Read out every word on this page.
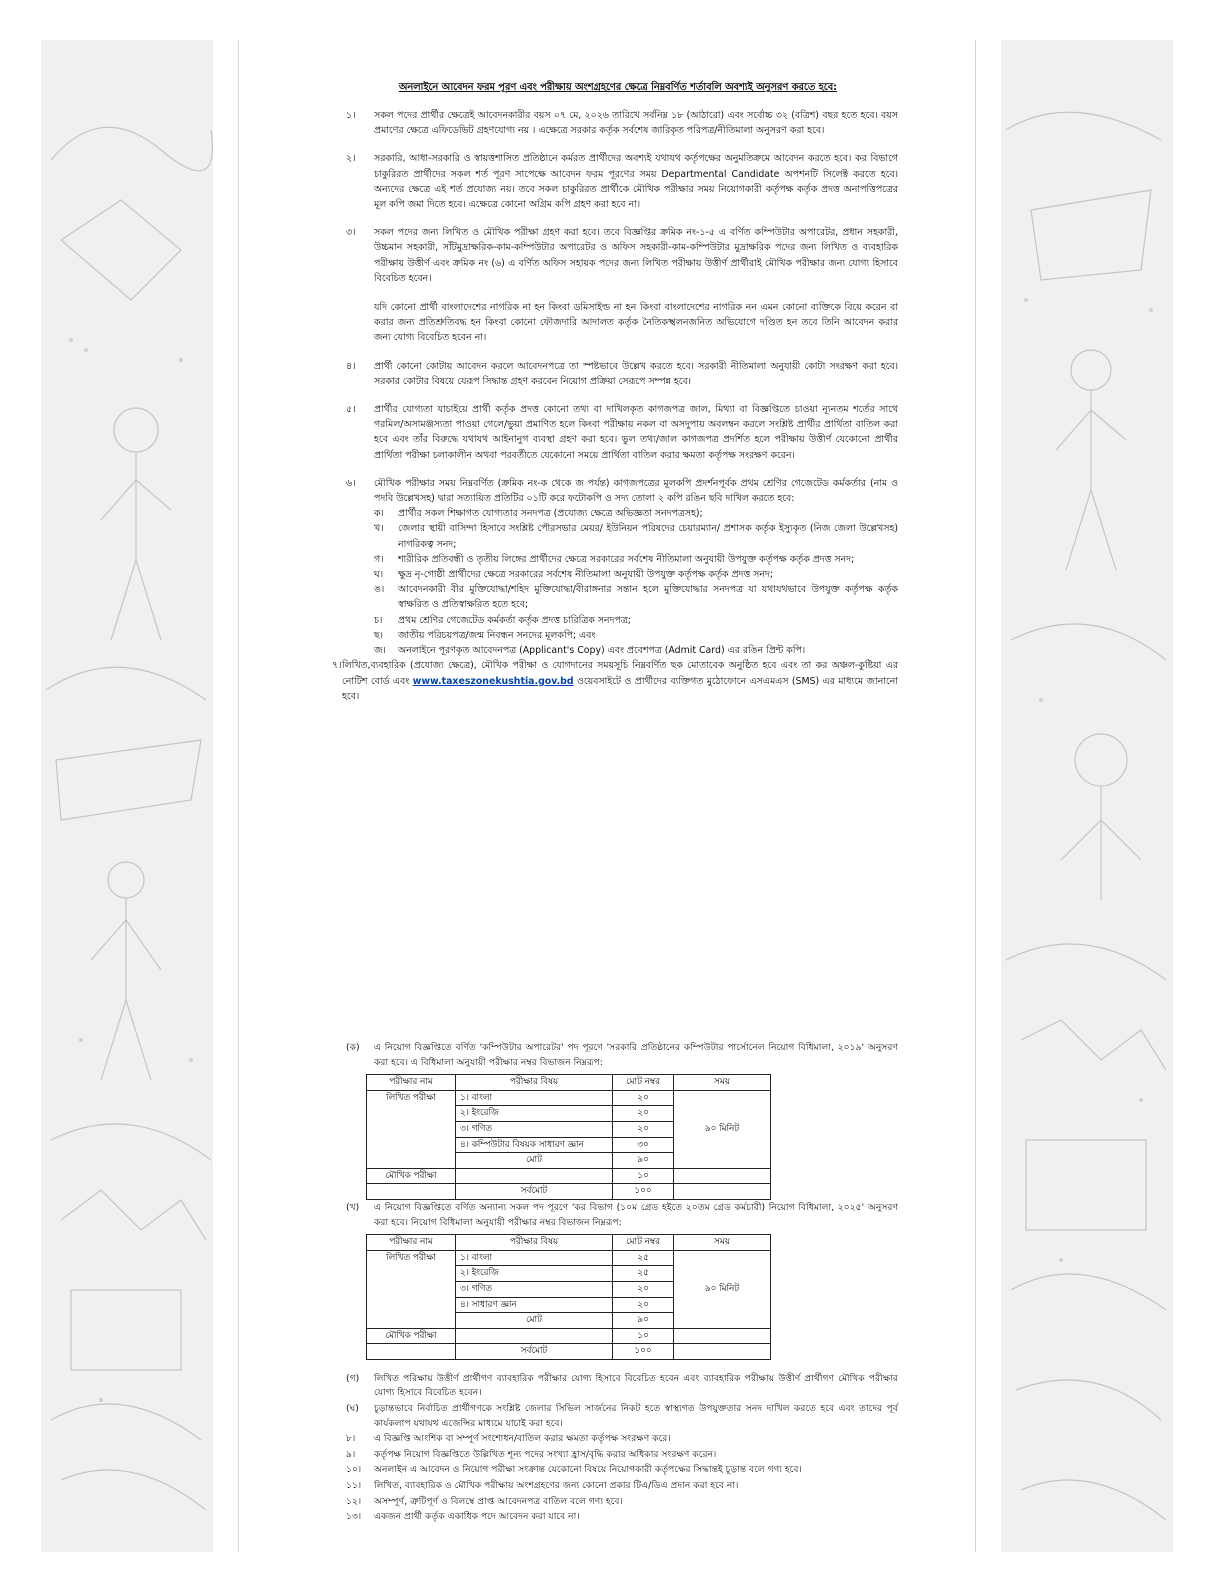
অনলাইনে আবেদন ফরম পূরণ এবং পরীক্ষায় অংশগ্রহণের ক্ষেত্রে নিম্নবর্ণিত শর্তাবলি অবশ্যই অনুসরণ করতে হবে:
১। সকল পদের প্রার্থীর ক্ষেত্রেই আবেদনকারীর বয়স ০৭ মে, ২০২৬ তারিখে সর্বনিম্ন ১৮ (আঠারো) এবং সর্বোচ্চ ৩২ (বত্রিশ) বছর হতে হবে। বয়স প্রমাণের ক্ষেত্রে এফিডেভিট গ্রহণযোগ্য নয় । এক্ষেত্রে সরকার কর্তৃক সর্বশেষ জারিকৃত পরিপত্র/নীতিমালা অনুসরণ করা হবে।

২। সরকারি, আধা-সরকারি ও স্বায়ত্তশাসিত প্রতিষ্ঠানে কর্মরত প্রার্থীদের অবশ্যই যথাযথ কর্তৃপক্ষের অনুমতিক্রমে আবেদন করতে হবে। কর বিভাগে চাকুরিরত প্রার্থীদের সকল শর্ত পূরণ সাপেক্ষে আবেদন ফরম পূরণের সময় Departmental Candidate অপশনটি সিলেক্ট করতে হবে। অন্যদের ক্ষেত্রে এই শর্ত প্রযোজ্য নয়। তবে সকল চাকুরিরত প্রার্থীকে মৌখিক পরীক্ষার সময় নিয়োগকারী কর্তৃপক্ষ কর্তৃক প্রদত্ত অনাপত্তিপত্রের মূল কপি জমা দিতে হবে। এক্ষেত্রে কোনো অগ্রিম কপি গ্রহণ করা হবে না।

৩। সকল পদের জন্য লিখিত ও মৌখিক পরীক্ষা গ্রহণ করা হবে। তবে বিজ্ঞপ্তির ক্রমিক নং-১-৫ এ বর্ণিত কম্পিউটার অপারেটর, প্রধান সহকারী, উচ্চমান সহকারী, সাঁটমুদ্রাক্ষরিক-কাম-কম্পিউটার অপারেটর ও অফিস সহকারী-কাম-কম্পিউটার মুদ্রাক্ষরিক পদের জন্য লিখিত ও ব্যবহারিক পরীক্ষায় উত্তীর্ণ এবং ক্রমিক নং (৬) এ বর্ণিত অফিস সহায়ক পদের জন্য লিখিত পরীক্ষায় উত্তীর্ণ প্রার্থীরাই মৌখিক পরীক্ষার জন্য যোগ্য হিসাবে বিবেচিত হবেন।

যদি কোনো প্রার্থী বাংলাদেশের নাগরিক না হন কিংবা ডমিসাইল্ড না হন কিংবা বাংলাদেশের নাগরিক নন এমন কোনো ব্যক্তিকে বিয়ে করেন বা করার জন্য প্রতিশ্রুতিবদ্ধ হন কিংবা কোনো ফৌজদারি আদালত কর্তৃক নৈতিকস্খলনজনিত অভিযোগে দণ্ডিত হন তবে তিনি আবেদন করার জন্য যোগ্য বিবেচিত হবেন না।

৪। প্রার্থী কোনো কোটায় আবেদন করলে আবেদনপত্রে তা স্পষ্টভাবে উল্লেখ করতে হবে। সরকারী নীতিমালা অনুযায়ী কোটা সংরক্ষণ করা হবে। সরকার কোটার বিষয়ে যেরূপ সিদ্ধান্ত গ্রহণ করবেন নিয়োগ প্রক্রিয়া সেরূপে সম্পন্ন হবে।

৫। প্রার্থীর যোগ্যতা যাচাইয়ে প্রার্থী কর্তৃক প্রদত্ত কোনো তথ্য বা দাখিলকৃত কাগজপত্র জাল, মিথ্যা বা বিজ্ঞপ্তিতে চাওয়া ন্যূনতম শর্তের সাথে গরমিল/অসামঞ্জস্যতা পাওয়া গেলে/ভুয়া প্রমাণিত হলে কিংবা পরীক্ষায় নকল বা অসদুপায় অবলম্বন করলে সংশ্লিষ্ট প্রার্থীর প্রার্থিতা বাতিল করা হবে এবং তাঁর বিরুদ্ধে যথাযথ আইনানুগ ব্যবস্থা গ্রহণ করা হবে। ভুল তথ্য/জাল কাগজপত্র প্রদর্শিত হলে পরীক্ষায় উত্তীর্ণ যেকোনো প্রার্থীর প্রার্থিতা পরীক্ষা চলাকালীন অথবা পরবর্তীতে যেকোনো সময়ে প্রার্থিতা বাতিল করার ক্ষমতা কর্তৃপক্ষ সংরক্ষণ করেন।

৬। মৌখিক পরীক্ষার সময় নিম্নবর্ণিত (ক্রমিক নং-ক থেকে জ পর্যন্ত) কাগজপত্রের মূলকপি প্রদর্শনপূর্বক প্রথম শ্রেণির গেজেটেড কর্মকর্তার (নাম ও পদবি উল্লেখসহ) দ্বারা সত্যায়িত প্রতিটির ০১টি করে ফটোকপি ও সদ্য তোলা ২ কপি রঙিন ছবি দাখিল করতে হবে:

ক। প্রার্থীর সকল শিক্ষাগত যোগ্যতার সনদপত্র (প্রযোজ্য ক্ষেত্রে অভিজ্ঞতা সনদপত্রসহ);
খ। জেলার স্থায়ী বাসিন্দা হিসাবে সংশ্লিষ্ট পৌরসভার মেয়র/ ইউনিয়ন পরিষদের চেয়ারম্যান/ প্রশাসক কর্তৃক ইস্যুকৃত (নিজ জেলা উল্লেখসহ) নাগরিকত্ব সনদ;
গ। শারীরিক প্রতিবন্ধী ও তৃতীয় লিঙ্গের প্রার্থীদের ক্ষেত্রে সরকারের সর্বশেষ নীতিমালা অনুযায়ী উপযুক্ত কর্তৃপক্ষ কর্তৃক প্রদত্ত সনদ;
ঘ। ক্ষুদ্র নৃ-গোষ্ঠী প্রার্থীদের ক্ষেত্রে সরকারের সর্বশেষ নীতিমালা অনুযায়ী উপযুক্ত কর্তৃপক্ষ কর্তৃক প্রদত্ত সনদ;
ঙ। আবেদনকারী বীর মুক্তিযোদ্ধা/শহিদ মুক্তিযোদ্ধা/বীরাঙ্গনার সন্তান হলে মুক্তিযোদ্ধার সনদপত্র যা যথাযথভাবে উপযুক্ত কর্তৃপক্ষ কর্তৃক স্বাক্ষরিত ও প্রতিস্বাক্ষরিত হতে হবে;
চ। প্রথম শ্রেণির গেজেটেড কর্মকর্তা কর্তৃক প্রদত্ত চারিত্রিক সনদপত্র;
ছ। জাতীয় পরিচয়পত্র/জন্ম নিবন্ধন সনদের মূলকপি; এবং
জ। অনলাইনে পূরণকৃত আবেদনপত্র (Applicant's Copy) এবং প্রবেশপত্র (Admit Card) এর রঙিন প্রিন্ট কপি।
৭। লিখিত,ব্যবহারিক (প্রযোজ্য ক্ষেত্রে), মৌখিক পরীক্ষা ও যোগদানের সময়সূচি নিম্নবর্ণিত ছক মোতাবেক অনুষ্ঠিত হবে এবং তা কর অঞ্চল-কুষ্টিয়া এর নোটিশ বোর্ড এবং www.taxeszonekushtia.gov.bd ওয়েবসাইটে ও প্রার্থীদের ব্যক্তিগত মুঠোফোনে এসএমএস (SMS) এর মাধ্যমে জানানো হবে।

(ক) এ নিয়োগ বিজ্ঞপ্তিতে বর্ণিত 'কম্পিউটার অপারেটর' পদ পূরণে 'সরকারি প্রতিষ্ঠানের কম্পিউটার পার্সোনেল নিয়োগ বিধিমালা, ২০১৯' অনুসরণ করা হবে। এ বিধিমালা অনুযায়ী পরীক্ষার নম্বর বিভাজন নিম্নরূপ:
পরীক্ষার নাম	পরীক্ষার বিষয়	মোট নম্বর	সময়
লিখিত পরীক্ষা	১। বাংলা	২০	৯০ মিনিট
	২। ইংরেজি	২০	
	৩। গণিত	২০	
	৪। কম্পিউটার বিষয়ক সাধারণ জ্ঞান	৩০	
	মোট	৯০	
মৌখিক পরীক্ষা		১০	
	সর্বমোট	১০০	
(খ) এ নিয়োগ বিজ্ঞপ্তিতে বর্ণিত অন্যান্য সকল পদ পূরণে 'কর বিভাগ (১০ম গ্রেড হইতে ২০তম গ্রেড কর্মচারী) নিয়োগ বিধিমালা, ২০২৫' অনুসরণ করা হবে। নিয়োগ বিধিমালা অনুযায়ী পরীক্ষার নম্বর বিভাজন নিম্নরূপ:
পরীক্ষার নাম	পরীক্ষার বিষয়	মোট নম্বর	সময়
লিখিত পরীক্ষা	১। বাংলা	২৫	৯০ মিনিট
	২। ইংরেজি	২৫	
	৩। গণিত	২০	
	৪। সাধারণ জ্ঞান	২০	
	মোট	৯০	
মৌখিক পরীক্ষা		১০	
	সর্বমোট	১০০	
(গ) লিখিত পরিক্ষায় উত্তীর্ণ প্রার্থীগণ ব্যাবহারিক পরীক্ষার যোগ্য হিসাবে বিবেচিত হবেন এবং ব্যাবহারিক পরীক্ষায় উত্তীর্ণ প্রার্থীগণ মৌখিক পরীক্ষার যোগ্য হিসাবে বিবেচিত হবেন।
(ঘ) চূড়ান্তভাবে নির্বাচিত প্রার্থীগণকে সংশ্লিষ্ট জেলার সিভিল সার্জনের নিকট হতে স্বাস্থ্যগত উপযুক্ততার সনদ দাখিল করতে হবে এবং তাদের পূর্ব কার্যকলাপ যথাযথ এজেন্সির মাধ্যমে যাচাই করা হবে।
৮। এ বিজ্ঞপ্তি আংশিক বা সম্পূর্ণ সংশোধন/বাতিল করার ক্ষমতা কর্তৃপক্ষ সংরক্ষণ করে।
৯। কর্তৃপক্ষ নিয়োগ বিজ্ঞপ্তিতে উল্লিখিত শূন্য পদের সংখ্যা হ্রাস/বৃদ্ধি করার অধিকার সংরক্ষণ করেন।
১০। অনলাইন এ আবেদন ও নিয়োগ পরীক্ষা সংক্রান্ত যেকোনো বিষয়ে নিয়োগকারী কর্তৃপক্ষের সিদ্ধান্তই চূড়ান্ত বলে গণ্য হবে।
১১। লিখিত, ব্যাবহারিক ও মৌখিক পরীক্ষায় অংশগ্রহণের জন্য কোনো প্রকার টিএ/ডিএ প্রদান করা হবে না।
১২। অসম্পূর্ণ, ত্রুটিপূর্ণ ও বিলম্বে প্রাপ্ত আবেদনপত্র বাতিল বলে গণ্য হবে।
১৩। একজন প্রার্থী কর্তৃক একাধিক পদে আবেদন করা যাবে না।
